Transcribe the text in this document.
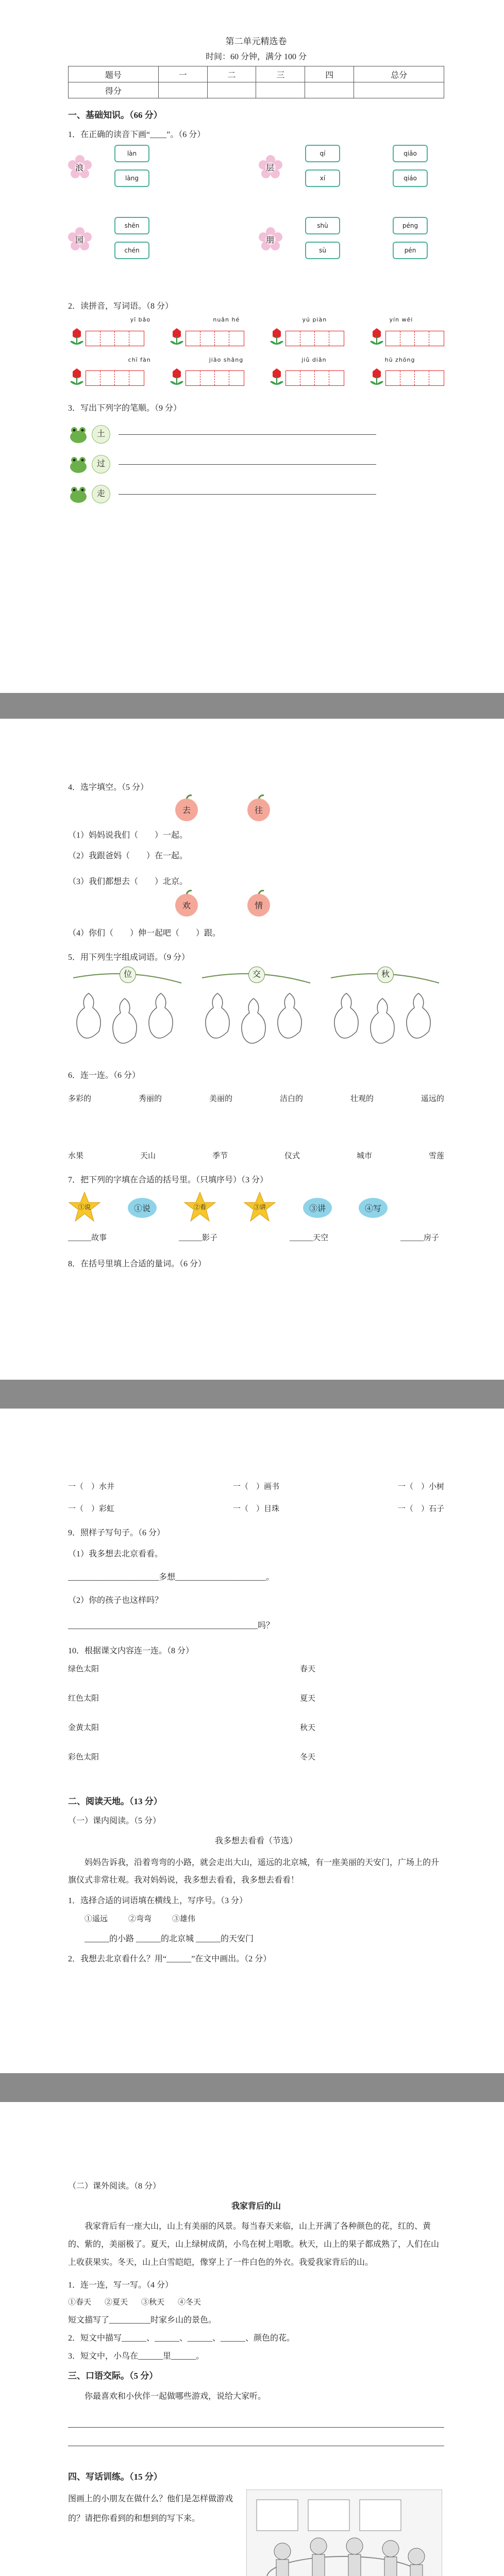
第二单元精选卷

时间：60 分钟，满分 100 分

题号	一	二	三	四	总分
得分					

一、基础知识。（66 分）

1．在正确的读音下画“____”。（6 分）

浪
làn
làng
层
qí
xí
qiǎo
qiáo
园
shēn
chén
朋
shù
sù
péng
pén

2．读拼音，写词语。（8 分）

yī bǎo	nuǎn hé	yú piàn	yín wēi
chī fàn	jiāo shǎng	jiǔ diǎn	hū zhōng

3．写出下列字的笔顺。（9 分）

土
过
走

4．选字填空。（5 分）

去	往

（1）妈妈说我们（　　）一起。

（2）我跟爸妈（　　）在一起。

（3）我们都想去（　　）北京。

欢	情

（4）你们（　　）伸一起吧（　　）跟。

5．用下列生字组成词语。（9 分）

位	交	秋

6．连一连。（6 分）

多彩的	秀丽的	美丽的	洁白的	壮观的	遥远的
水果	天山	季节	仪式	城市	雪莲

7．把下列的字填在合适的括号里。（只填序号）（3 分）

①说	①说	②看	③讲	③讲	④写
______故事	______影子	______天空	______房子

8．在括号里填上合适的量词。（6 分）

一（　）水井	一（　）画书	一（　）小树
一（　）彩虹	一（　）目珠	一（　）石子

9．照样子写句子。（6 分）

（1）我多想去北京看看。

______________________多想______________________。

（2）你的孩子也这样吗？

______________________________________________吗？

10．根据课文内容连一连。（8 分）

绿色太阳
红色太阳
金黄太阳
彩色太阳
春天
夏天
秋天
冬天

二、阅读天地。（13 分）

（一）课内阅读。（5 分）

我多想去看看（节选）

妈妈告诉我，沿着弯弯的小路，就会走出大山，遥远的北京城，有一座美丽的天安门，广场上的升旗仪式非常壮观。我对妈妈说，我多想去看看，我多想去看看！

1．选择合适的词语填在横线上，写序号。（3 分）

①遥远	②弯弯	③雄伟

______的小路 ______的北京城 ______的天安门

2．我想去北京看什么？用“______”在文中画出。（2 分）

（二）课外阅读。（8 分）

我家背后的山

我家背后有一座大山，山上有美丽的风景。每当春天来临，山上开满了各种颜色的花，红的、黄的、紫的，美丽极了。夏天，山上绿树成荫，小鸟在树上唱歌。秋天，山上的果子都成熟了，人们在山上收获果实。冬天，山上白雪皑皑，像穿上了一件白色的外衣。我爱我家背后的山。

1．连一连，写一写。（4 分）

①春天 ②夏天 ③秋天 ④冬天

短文描写了__________时家乡山的景色。

2．短文中描写______、______、______、______、颜色的花。

3．短文中，小鸟在______里______。

三、口语交际。（5 分）

你最喜欢和小伙伴一起做哪些游戏，说给大家听。

四、写话训练。（15 分）

图画上的小朋友在做什么？他们是怎样做游戏的？请把你看到的和想到的写下来。
